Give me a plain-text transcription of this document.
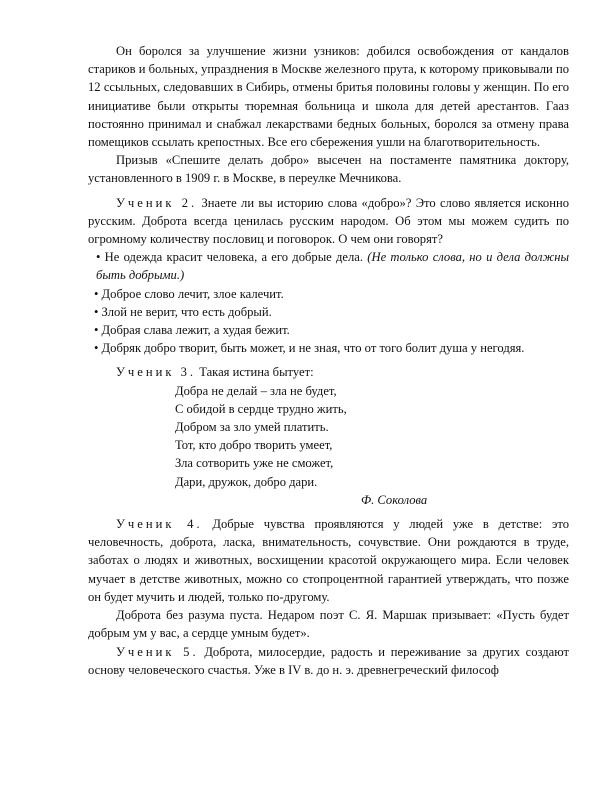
Он боролся за улучшение жизни узников: добился освобождения от кандалов стариков и больных, упразднения в Москве железного прута, к которому приковывали по 12 ссыльных, следовавших в Сибирь, отмены бритья половины головы у женщин. По его инициативе были открыты тюремная больница и школа для детей арестантов. Гааз постоянно принимал и снабжал лекарствами бедных больных, боролся за отмену права помещиков ссылать крепостных. Все его сбережения ушли на благотворительность.

Призыв «Спешите делать добро» высечен на постаменте памятника доктору, установленного в 1909 г. в Москве, в переулке Мечникова.

Ученик 2. Знаете ли вы историю слова «добро»? Это слово является исконно русским. Доброта всегда ценилась русским народом. Об этом мы можем судить по огромному количеству пословиц и поговорок. О чем они говорят?

• Не одежда красит человека, а его добрые дела. (Не только слова, но и дела должны быть добрыми.)

• Доброе слово лечит, злое калечит.

• Злой не верит, что есть добрый.

• Добрая слава лежит, а худая бежит.

• Добряк добро творит, быть может, и не зная, что от того болит душа у негодяя.

Ученик 3. Такая истина бытует:

Добра не делай – зла не будет,

С обидой в сердце трудно жить,

Добром за зло умей платить.

Тот, кто добро творить умеет,

Зла сотворить уже не сможет,

Дари, дружок, добро дари.

Ф. Соколова

Ученик 4. Добрые чувства проявляются у людей уже в детстве: это человечность, доброта, ласка, внимательность, сочувствие. Они рождаются в труде, заботах о людях и животных, восхищении красотой окружающего мира. Если человек мучает в детстве животных, можно со стопроцентной гарантией утверждать, что позже он будет мучить и людей, только по-другому.

Доброта без разума пуста. Недаром поэт С. Я. Маршак призывает: «Пусть будет добрым ум у вас, а сердце умным будет».

Ученик 5. Доброта, милосердие, радость и переживание за других создают основу человеческого счастья. Уже в IV в. до н. э. древнегреческий философ
